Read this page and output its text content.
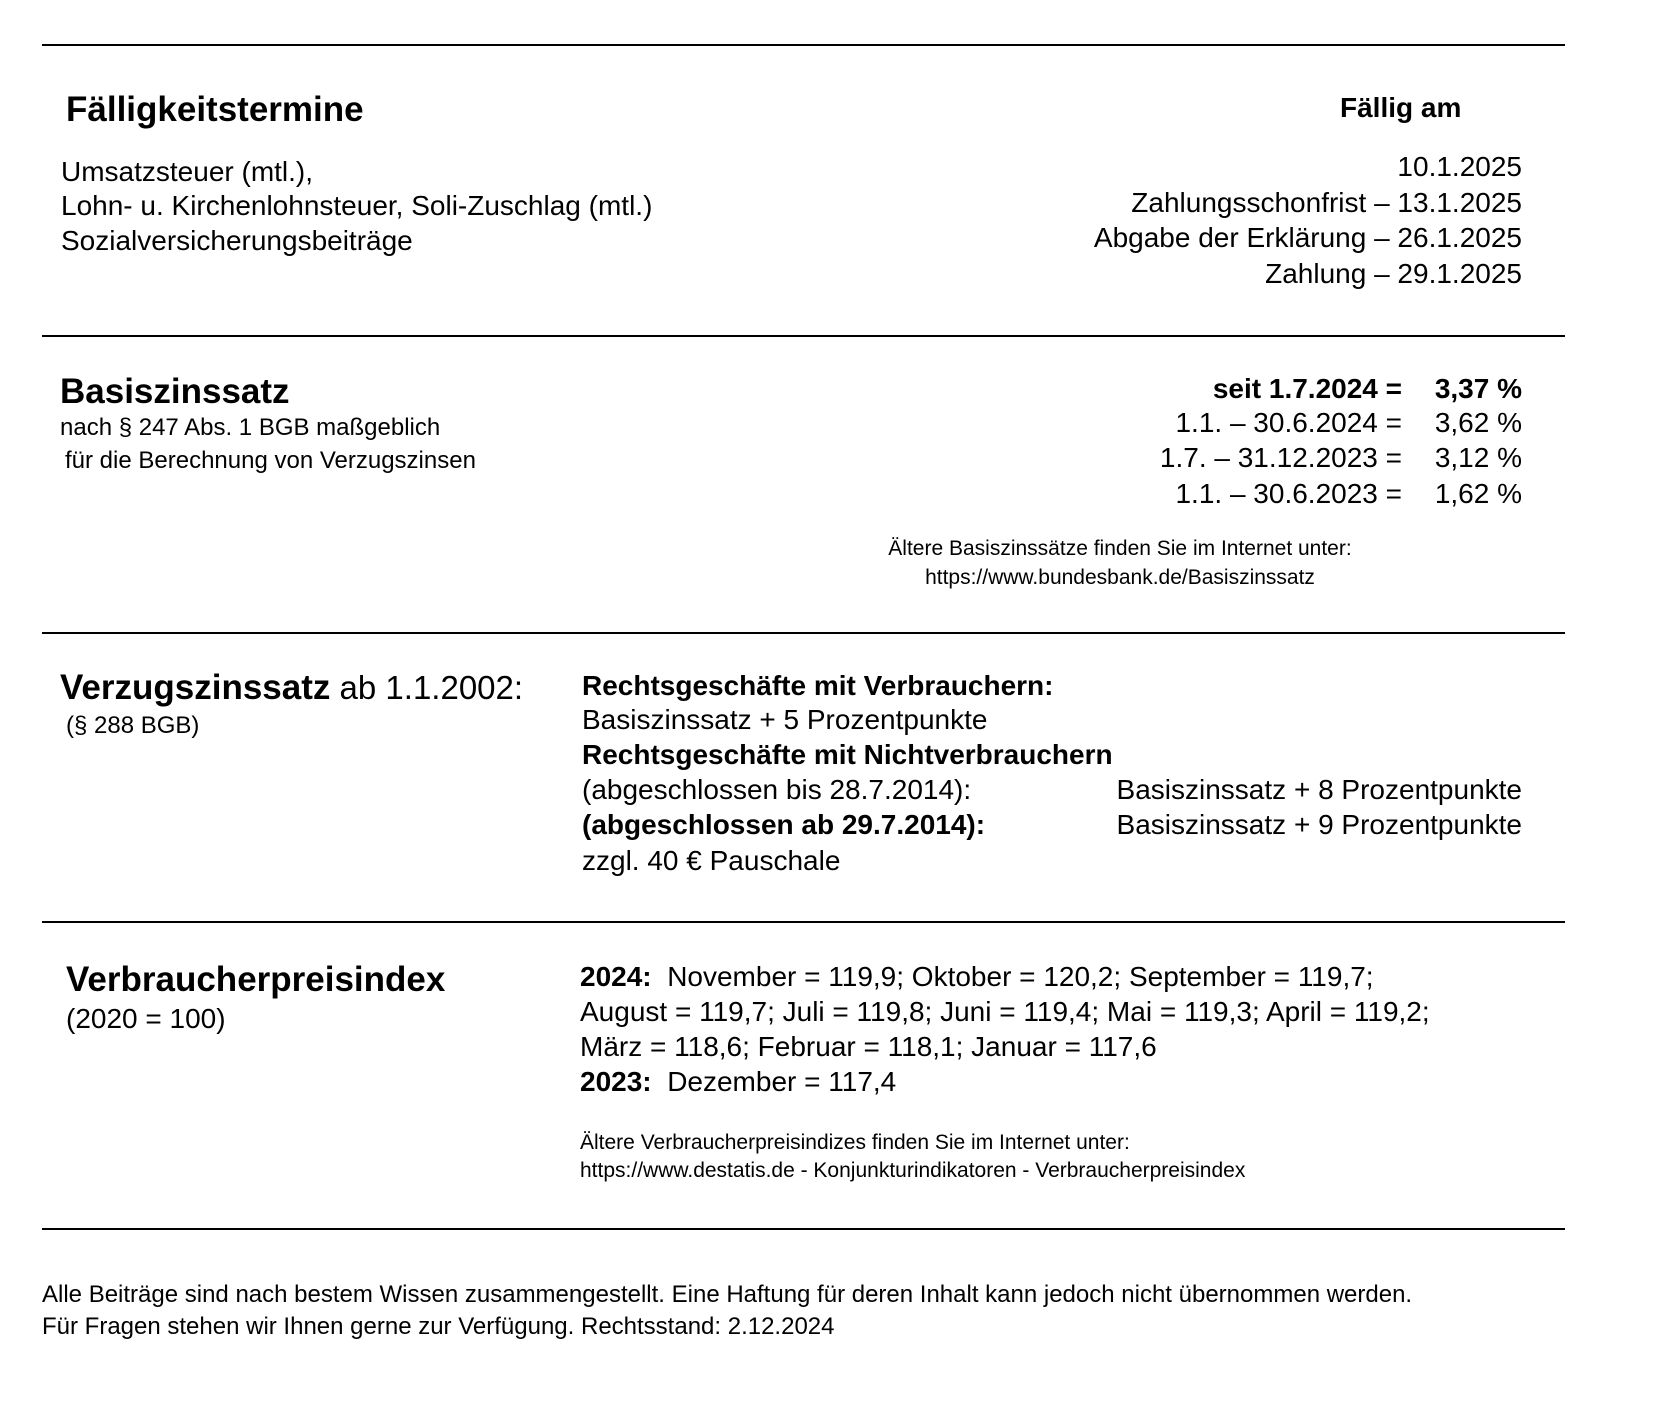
Fälligkeitstermine	Fällig am
Umsatzsteuer (mtl.),
Lohn- u. Kirchenlohnsteuer, Soli-Zuschlag (mtl.)
Sozialversicherungsbeiträge
10.1.2025
Zahlungsschonfrist – 13.1.2025
Abgabe der Erklärung – 26.1.2025
Zahlung – 29.1.2025
Basiszinssatz
nach § 247 Abs. 1 BGB maßgeblich
für die Berechnung von Verzugszinsen
seit 1.7.2024 =	3,37 %
1.1. – 30.6.2024 =	3,62 %
1.7. – 31.12.2023 =	3,12 %
1.1. – 30.6.2023 =	1,62 %
Ältere Basiszinssätze finden Sie im Internet unter:
https://www.bundesbank.de/Basiszinssatz
Verzugszinssatz ab 1.1.2002:
(§ 288 BGB)
Rechtsgeschäfte mit Verbrauchern:
Basiszinssatz + 5 Prozentpunkte
Rechtsgeschäfte mit Nichtverbrauchern
(abgeschlossen bis 28.7.2014):	Basiszinssatz + 8 Prozentpunkte
(abgeschlossen ab 29.7.2014):	Basiszinssatz + 9 Prozentpunkte
zzgl. 40 € Pauschale
Verbraucherpreisindex
(2020 = 100)
2024: November = 119,9; Oktober = 120,2; September = 119,7;
August = 119,7; Juli = 119,8; Juni = 119,4; Mai = 119,3; April = 119,2;
März = 118,6; Februar = 118,1; Januar = 117,6
2023: Dezember = 117,4
Ältere Verbraucherpreisindizes finden Sie im Internet unter:
https://www.destatis.de - Konjunkturindikatoren - Verbraucherpreisindex
Alle Beiträge sind nach bestem Wissen zusammengestellt. Eine Haftung für deren Inhalt kann jedoch nicht übernommen werden.
Für Fragen stehen wir Ihnen gerne zur Verfügung. Rechtsstand: 2.12.2024
